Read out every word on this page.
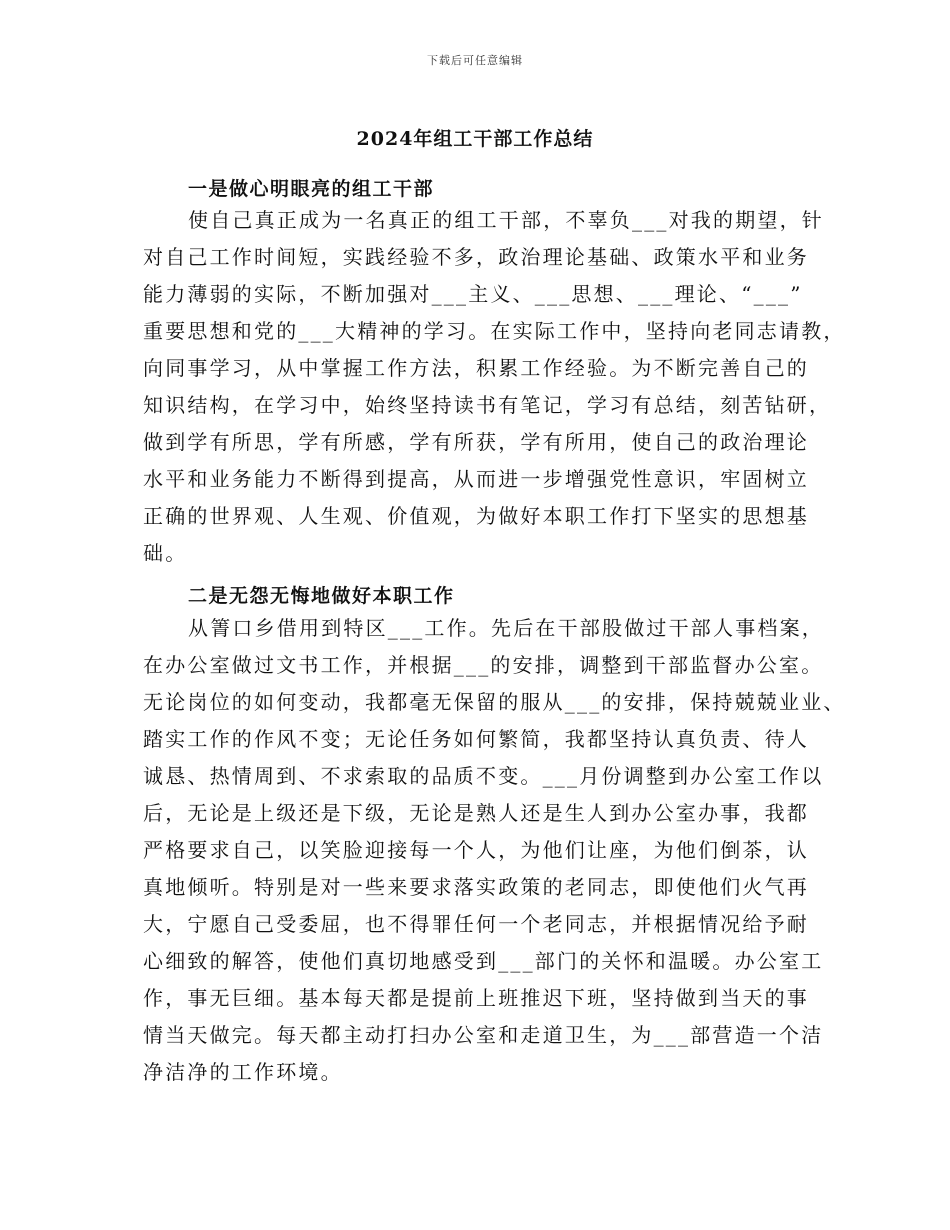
下载后可任意编辑
2024年组工干部工作总结
一是做心明眼亮的组工干部
使自己真正成为一名真正的组工干部，不辜负___对我的期望，针
对自己工作时间短，实践经验不多，政治理论基础、政策水平和业务
能力薄弱的实际，不断加强对___主义、___思想、___理论、“___”
重要思想和党的___大精神的学习。在实际工作中，坚持向老同志请教，
向同事学习，从中掌握工作方法，积累工作经验。为不断完善自己的
知识结构，在学习中，始终坚持读书有笔记，学习有总结，刻苦钻研，
做到学有所思，学有所感，学有所获，学有所用，使自己的政治理论
水平和业务能力不断得到提高，从而进一步增强党性意识，牢固树立
正确的世界观、人生观、价值观，为做好本职工作打下坚实的思想基
础。
二是无怨无悔地做好本职工作
从箐口乡借用到特区___工作。先后在干部股做过干部人事档案，
在办公室做过文书工作，并根据___的安排，调整到干部监督办公室。
无论岗位的如何变动，我都毫无保留的服从___的安排，保持兢兢业业、
踏实工作的作风不变；无论任务如何繁简，我都坚持认真负责、待人
诚恳、热情周到、不求索取的品质不变。___月份调整到办公室工作以
后，无论是上级还是下级，无论是熟人还是生人到办公室办事，我都
严格要求自己，以笑脸迎接每一个人，为他们让座，为他们倒茶，认
真地倾听。特别是对一些来要求落实政策的老同志，即使他们火气再
大，宁愿自己受委屈，也不得罪任何一个老同志，并根据情况给予耐
心细致的解答，使他们真切地感受到___部门的关怀和温暖。办公室工
作，事无巨细。基本每天都是提前上班推迟下班，坚持做到当天的事
情当天做完。每天都主动打扫办公室和走道卫生，为___部营造一个洁
净洁净的工作环境。
